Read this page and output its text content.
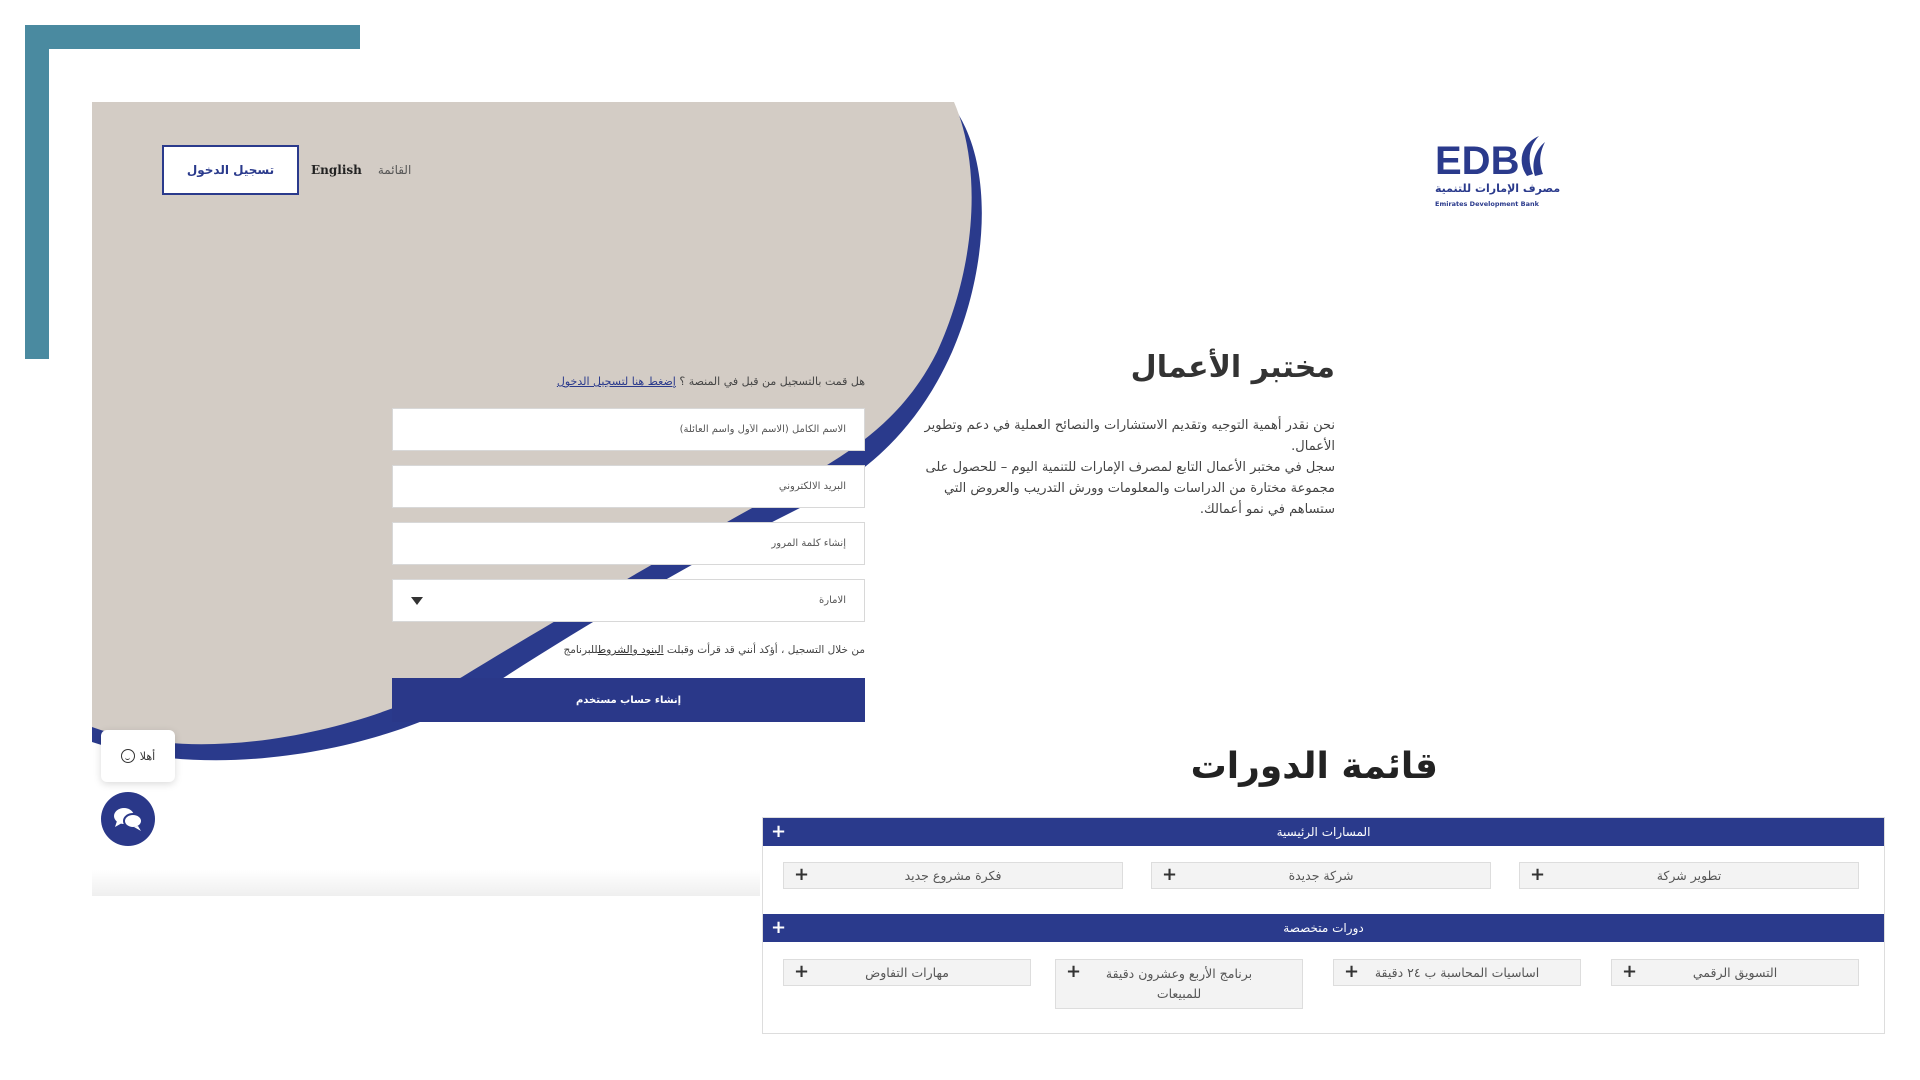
تسجيل الدخول	English القائمة
هل قمت بالتسجيل من قبل في المنصة ؟ إضغط هنا لتسجيل الدخول
الاسم الكامل (الاسم الأول واسم العائلة)
البريد الالكتروني
الامارة
من خلال التسجيل ، أؤكد أنني قد قرأت وقبلت البنود والشروطللبرنامج
إنشاء حساب مستخدم
أهلا
EDB
مصرف الإمارات للتنمية
Emirates Development Bank
مختبر الأعمال

نحن نقدر أهمية التوجيه وتقديم الاستشارات والنصائح العملية في دعم وتطوير الأعمال.

سجل في مختبر الأعمال التابع لمصرف الإمارات للتنمية اليوم – للحصول على مجموعة مختارة من الدراسات والمعلومات وورش التدريب والعروض التي ستساهم في نمو أعمالك.

قائمة الدورات
+	المسارات الرئيسية
+	تطوير شركة
+	شركة جديدة
+	فكرة مشروع جديد
+	دورات متخصصة
+	التسويق الرقمي
+ اساسيات المحاسبة ب ٢٤ دقيقة
+	برنامج الأربع وعشرون دقيقة للمبيعات
+	مهارات التفاوض
